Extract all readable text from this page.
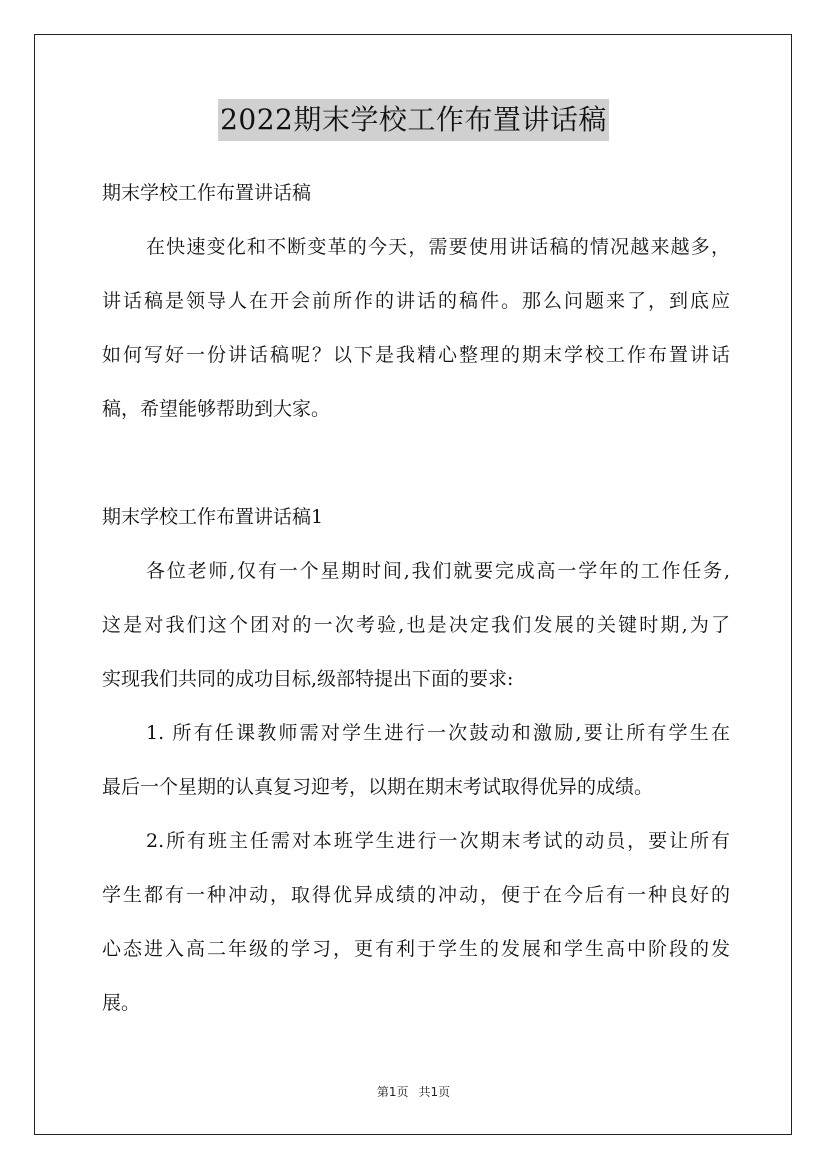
2022期末学校工作布置讲话稿
期末学校工作布置讲话稿
在快速变化和不断变革的今天，需要使用讲话稿的情况越来越多，
讲话稿是领导人在开会前所作的讲话的稿件。那么问题来了，到底应
如何写好一份讲话稿呢？以下是我精心整理的期末学校工作布置讲话
稿，希望能够帮助到大家。
期末学校工作布置讲话稿1
各位老师,仅有一个星期时间,我们就要完成高一学年的工作任务,
这是对我们这个团对的一次考验,也是决定我们发展的关键时期,为了
实现我们共同的成功目标,级部特提出下面的要求:
1. 所有任课教师需对学生进行一次鼓动和激励,要让所有学生在
最后一个星期的认真复习迎考，以期在期末考试取得优异的成绩。
2.所有班主任需对本班学生进行一次期末考试的动员，要让所有
学生都有一种冲动，取得优异成绩的冲动，便于在今后有一种良好的
心态进入高二年级的学习，更有利于学生的发展和学生高中阶段的发
展。
第1页 共1页
